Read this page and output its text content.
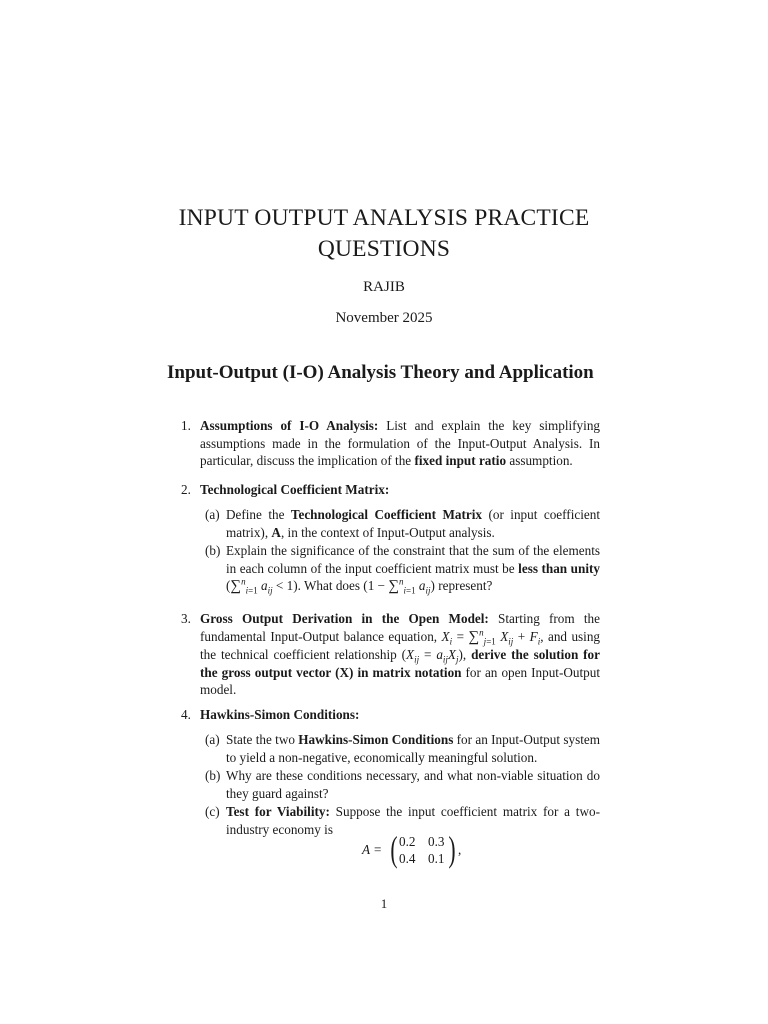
INPUT OUTPUT ANALYSIS PRACTICE QUESTIONS
RAJIB
November 2025
Input-Output (I-O) Analysis Theory and Application
1. Assumptions of I-O Analysis: List and explain the key simplifying assumptions made in the formulation of the Input-Output Analysis. In particular, discuss the implication of the fixed input ratio assumption.
2. Technological Coefficient Matrix:
(a) Define the Technological Coefficient Matrix (or input coefficient matrix), A, in the context of Input-Output analysis.
(b) Explain the significance of the constraint that the sum of the elements in each column of the input coefficient matrix must be less than unity (∑$^n_{i=1}$ $a_{ij} < 1$). What does (1 − ∑$^n_{i=1}$ $a_{ij}$) represent?
3. Gross Output Derivation in the Open Model: Starting from the fundamental Input-Output balance equation, $X_i = \sum^n_{j=1}$ $X_{ij} + F_i$, and using the technical coefficient relationship $(X_{ij} = a_{ij}X_j)$, derive the solution for the gross output vector (X) in matrix notation for an open Input-Output model.
4. Hawkins-Simon Conditions:
(a) State the two Hawkins-Simon Conditions for an Input-Output system to yield a non-negative, economically meaningful solution.
(b) Why are these conditions necessary, and what non-viable situation do they guard against?
(c) Test for Viability: Suppose the input coefficient matrix for a two-industry economy is
A = ( 0.2 0.3
0.4 0.1 ) ,
1
